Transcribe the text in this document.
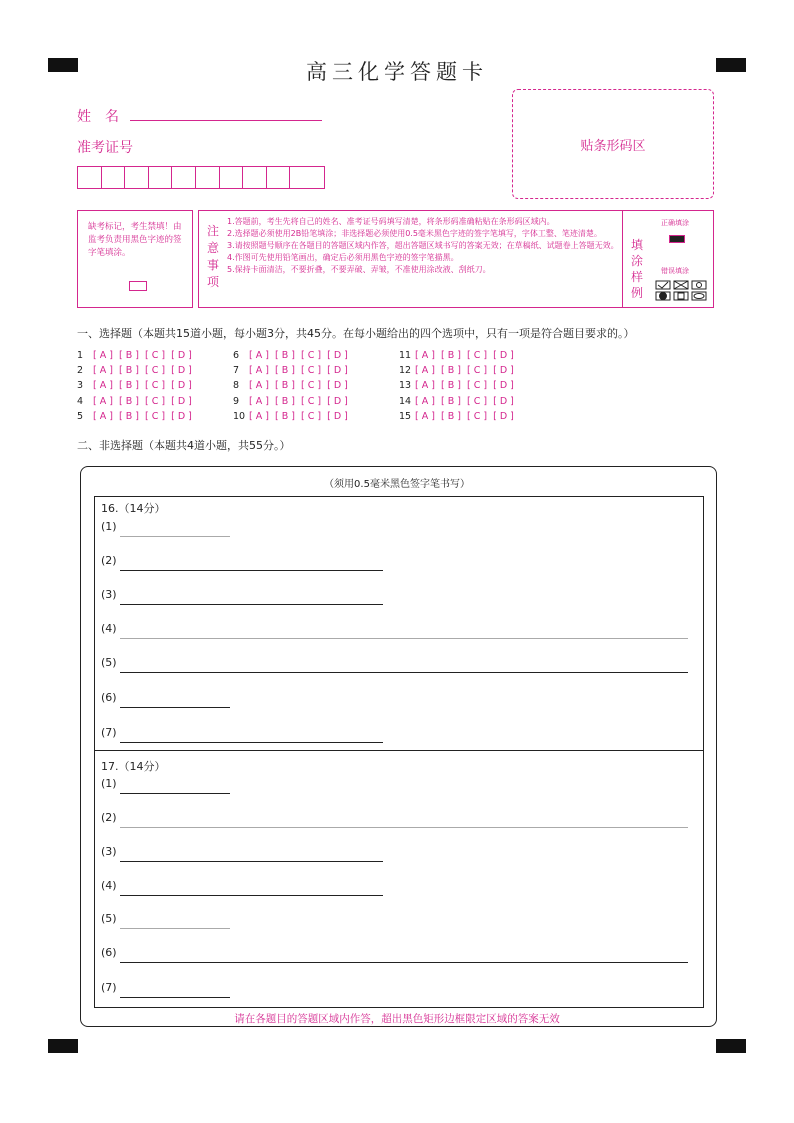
高三化学答题卡
姓　名
准考证号	贴条形码区
缺考标记，考生禁填！由监考负责用黑色字迹的签字笔填涂。
注
意
事
项
1.答题前，考生先将自己的姓名、准考证号码填写清楚，将条形码准确粘贴在条形码区域内。
2.选择题必须使用2B铅笔填涂；非选择题必须使用0.5毫米黑色字迹的签字笔填写，字体工整、笔迹清楚。
3.请按照题号顺序在各题目的答题区域内作答，超出答题区域书写的答案无效；在草稿纸、试题卷上答题无效。
4.作图可先使用铅笔画出，确定后必须用黑色字迹的签字笔描黑。
5.保持卡面清洁，不要折叠，不要弄破、弄皱，不准使用涂改液、刮纸刀。
填
涂
样
例
正确填涂
错误填涂
一、选择题（本题共15道小题，每小题3分，共45分。在每小题给出的四个选项中，只有一项是符合题目要求的。）
1 [ A ]  [ B ]  [ C ]  [ D ]
2 [ A ]  [ B ]  [ C ]  [ D ]
3 [ A ]  [ B ]  [ C ]  [ D ]
4 [ A ]  [ B ]  [ C ]  [ D ]
5 [ A ]  [ B ]  [ C ]  [ D ]
6 [ A ]  [ B ]  [ C ]  [ D ]
7 [ A ]  [ B ]  [ C ]  [ D ]
8 [ A ]  [ B ]  [ C ]  [ D ]
9 [ A ]  [ B ]  [ C ]  [ D ]
10 [ A ]  [ B ]  [ C ]  [ D ]
11 [ A ]  [ B ]  [ C ]  [ D ]
12 [ A ]  [ B ]  [ C ]  [ D ]
13 [ A ]  [ B ]  [ C ]  [ D ]
14 [ A ]  [ B ]  [ C ]  [ D ]
15 [ A ]  [ B ]  [ C ]  [ D ]
二、非选择题（本题共4道小题，共55分。）
（须用0.5毫米黑色签字笔书写）
16.（14分）
(1)
(2)
(3)
(4)
(5)
(6)
(7)
17.（14分）
(1)
(2)
(3)
(4)
(5)
(6)
(7)
请在各题目的答题区域内作答，超出黑色矩形边框限定区域的答案无效
